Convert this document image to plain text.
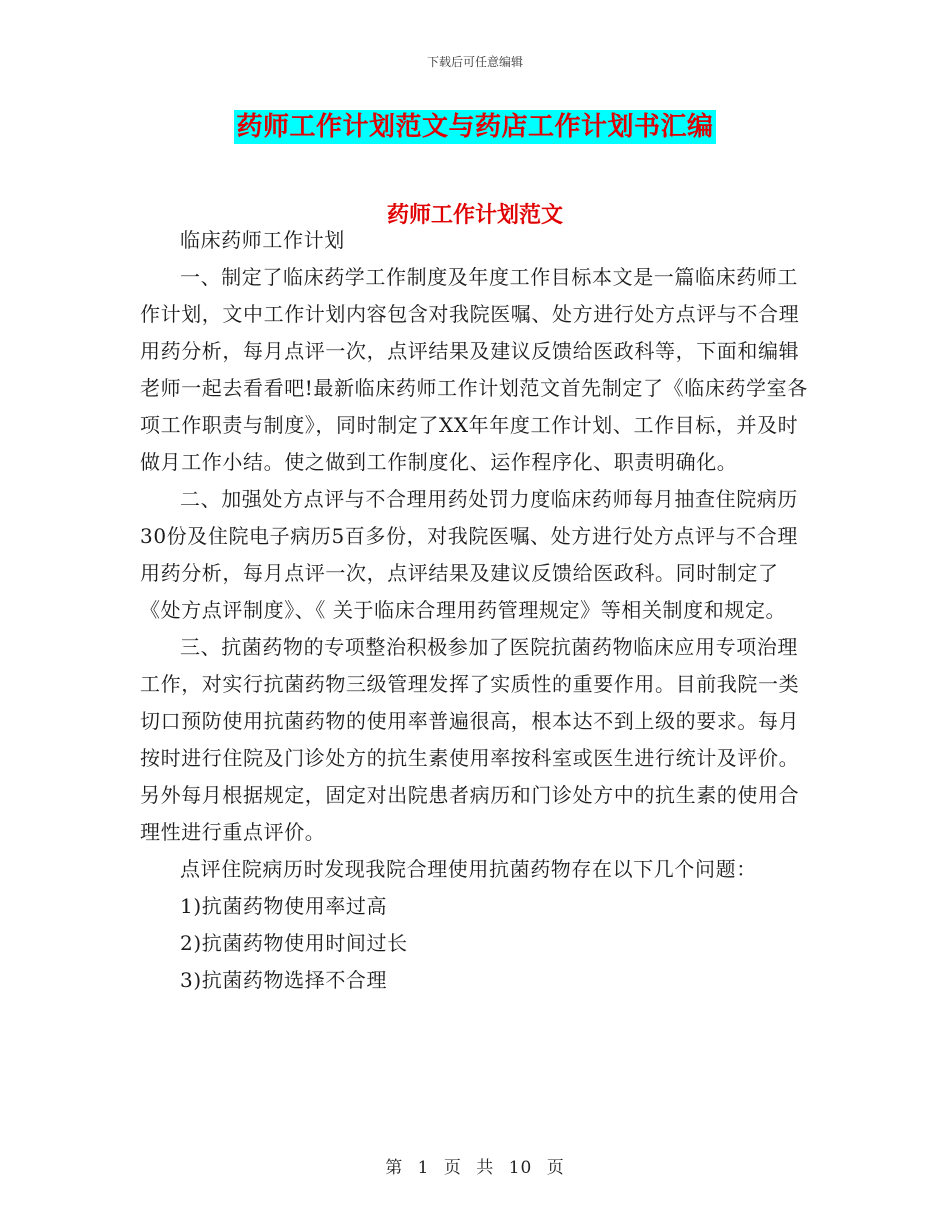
下载后可任意编辑
药师工作计划范文与药店工作计划书汇编
药师工作计划范文

临床药师工作计划

一、制定了临床药学工作制度及年度工作目标本文是一篇临床药师工作计划，文中工作计划内容包含对我院医嘱、处方进行处方点评与不合理用药分析，每月点评一次，点评结果及建议反馈给医政科等，下面和编辑老师一起去看看吧!最新临床药师工作计划范文首先制定了《临床药学室各项工作职责与制度》，同时制定了XX年年度工作计划、工作目标，并及时做月工作小结。使之做到工作制度化、运作程序化、职责明确化。

二、加强处方点评与不合理用药处罚力度临床药师每月抽查住院病历30份及住院电子病历5百多份，对我院医嘱、处方进行处方点评与不合理用药分析，每月点评一次，点评结果及建议反馈给医政科。同时制定了《处方点评制度》、《 关于临床合理用药管理规定》等相关制度和规定。

三、抗菌药物的专项整治积极参加了医院抗菌药物临床应用专项治理工作，对实行抗菌药物三级管理发挥了实质性的重要作用。目前我院一类切口预防使用抗菌药物的使用率普遍很高，根本达不到上级的要求。每月按时进行住院及门诊处方的抗生素使用率按科室或医生进行统计及评价。另外每月根据规定，固定对出院患者病历和门诊处方中的抗生素的使用合理性进行重点评价。

点评住院病历时发现我院合理使用抗菌药物存在以下几个问题：

1)抗菌药物使用率过高

2)抗菌药物使用时间过长

3)抗菌药物选择不合理

第 1 页 共 10 页
